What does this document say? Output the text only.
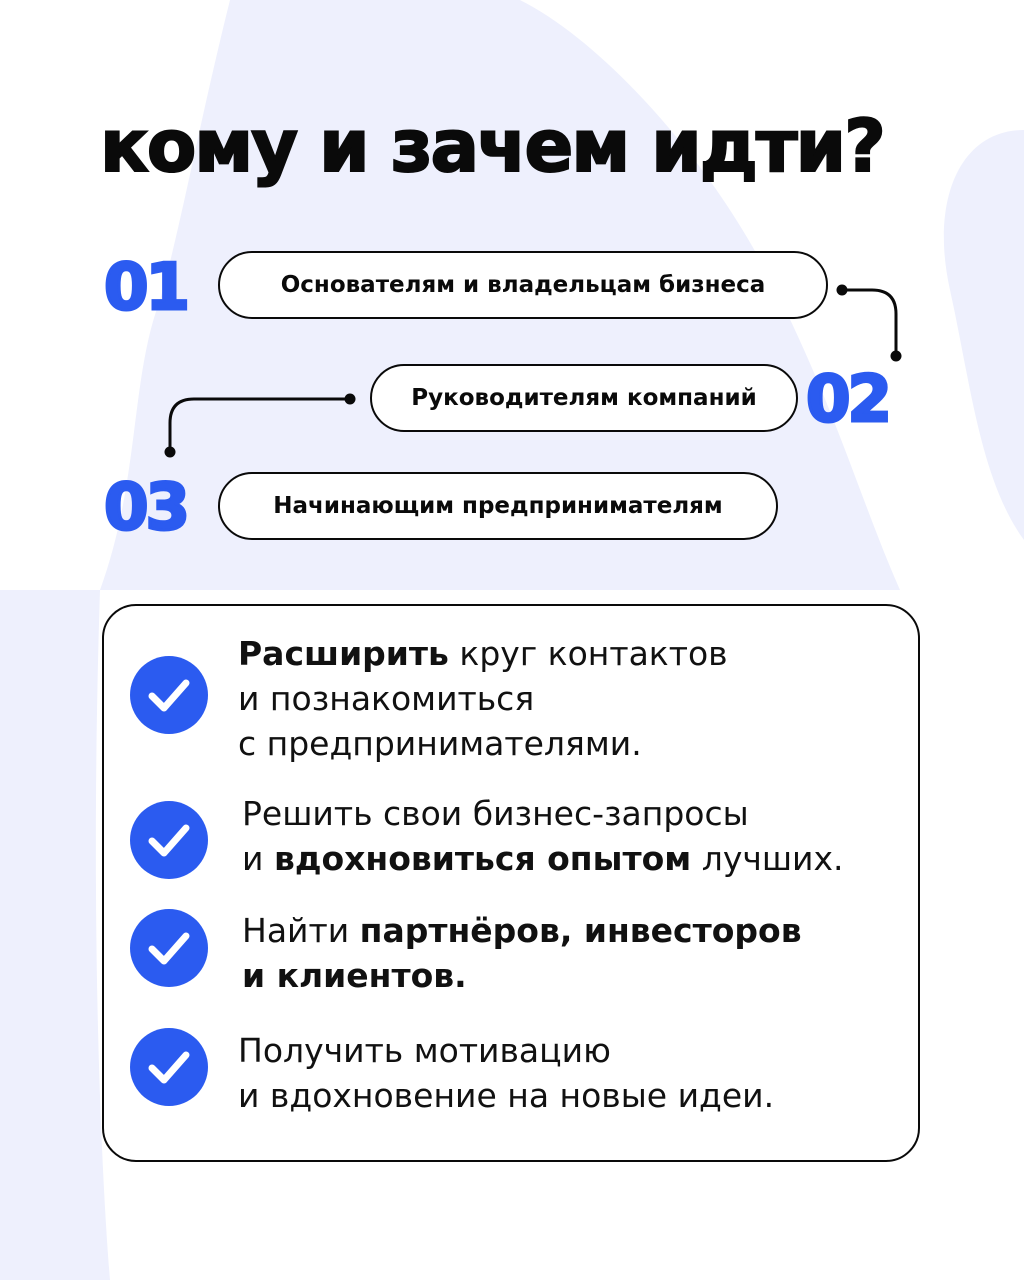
кому и зачем идти?
01	Основателям и владельцам бизнеса
Руководителям компаний 02
03	Начинающим предпринимателям
Расширить круг контактов
и познакомиться
с предпринимателями.
Решить свои бизнес-запросы
и вдохновиться опытом лучших.
Найти партнёров, инвесторов
и клиентов.
Получить мотивацию
и вдохновение на новые идеи.
